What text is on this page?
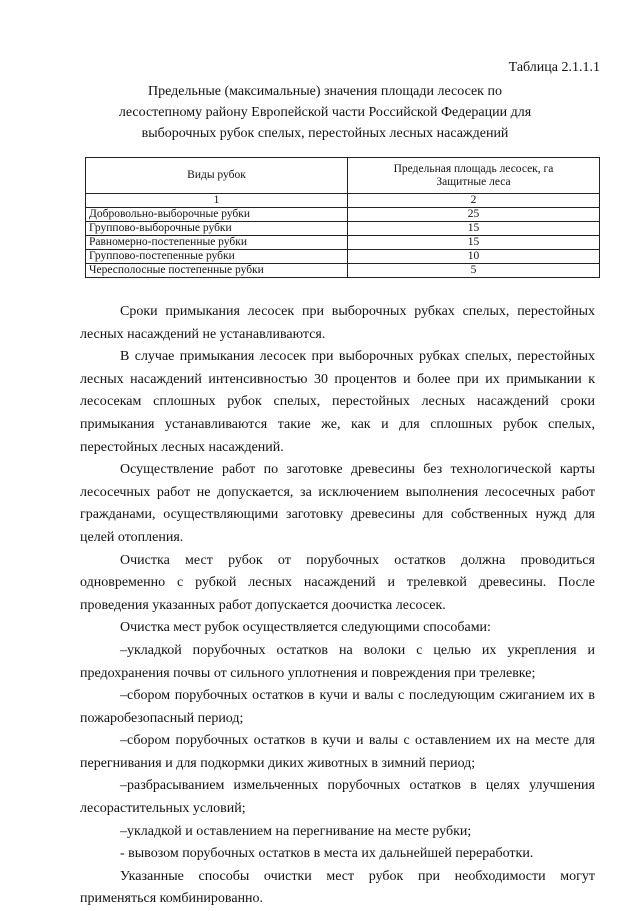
Таблица 2.1.1.1
Предельные (максимальные) значения площади лесосек по
лесостепному району Европейской части Российской Федерации для
выборочных рубок спелых, перестойных лесных насаждений
Виды рубок	Предельная площадь лесосек, га
Защитные леса

1	2
Добровольно-выборочные рубки	25
Группово-выборочные рубки	15
Равномерно-постепенные рубки	15
Группово-постепенные рубки	10
Чересполосные постепенные рубки	5

Сроки примыкания лесосек при выборочных рубках спелых, перестойных лесных насаждений не устанавливаются.

В случае примыкания лесосек при выборочных рубках спелых, перестойных лесных насаждений интенсивностью 30 процентов и более при их примыкании к лесосекам сплошных рубок спелых, перестойных лесных насаждений сроки примыкания устанавливаются такие же, как и для сплошных рубок спелых, перестойных лесных насаждений.

Осуществление работ по заготовке древесины без технологической карты лесосечных работ не допускается, за исключением выполнения лесосечных работ гражданами, осуществляющими заготовку древесины для собственных нужд для целей отопления.

Очистка мест рубок от порубочных остатков должна проводиться одновременно с рубкой лесных насаждений и трелевкой древесины. После проведения указанных работ допускается доочистка лесосек.

Очистка мест рубок осуществляется следующими способами:

–укладкой порубочных остатков на волоки с целью их укрепления и предохранения почвы от сильного уплотнения и повреждения при трелевке;

–сбором порубочных остатков в кучи и валы с последующим сжиганием их в пожаробезопасный период;

–сбором порубочных остатков в кучи и валы с оставлением их на месте для перегнивания и для подкормки диких животных в зимний период;

–разбрасыванием измельченных порубочных остатков в целях улучшения лесорастительных условий;

–укладкой и оставлением на перегнивание на месте рубки;

- вывозом порубочных остатков в места их дальнейшей переработки.

Указанные способы очистки мест рубок при необходимости могут применяться комбинированно.
